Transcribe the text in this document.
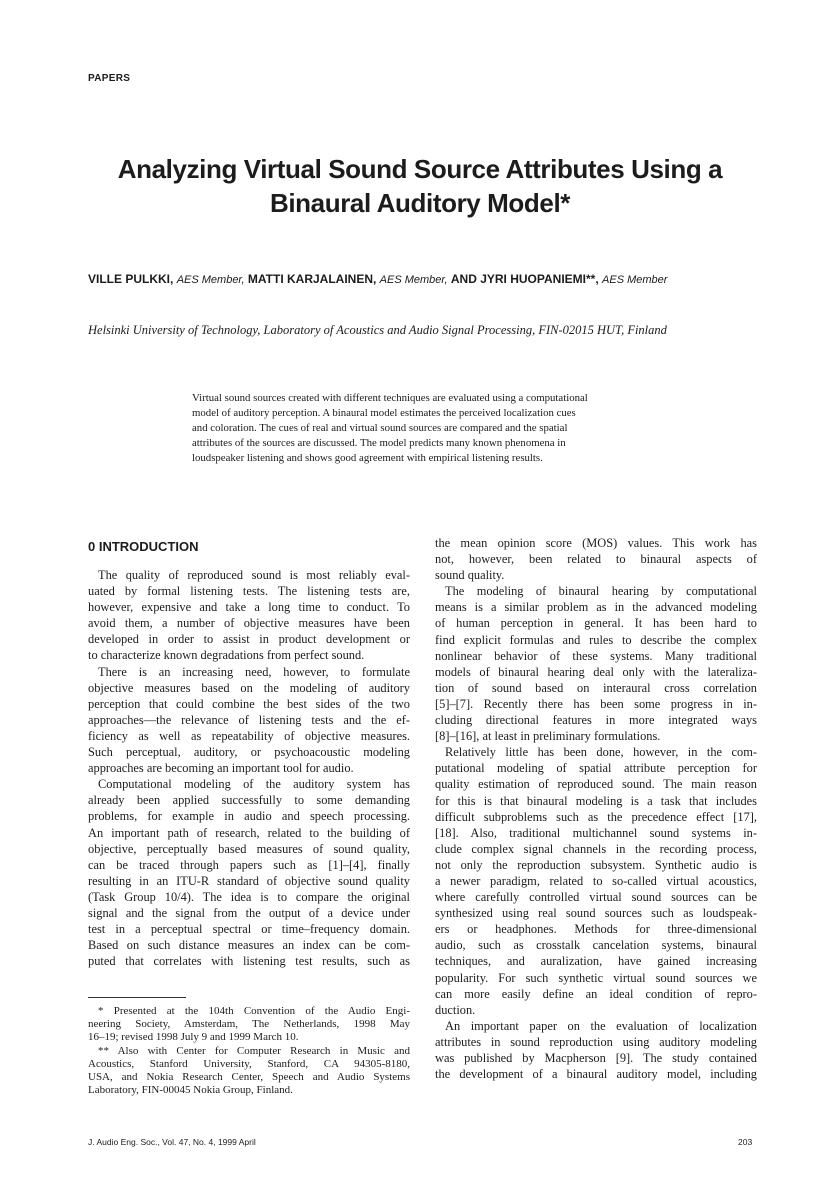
PAPERS
Analyzing Virtual Sound Source Attributes Using a
Binaural Auditory Model*
VILLE PULKKI, AES Member, MATTI KARJALAINEN, AES Member, AND JYRI HUOPANIEMI**, AES Member
Helsinki University of Technology, Laboratory of Acoustics and Audio Signal Processing, FIN-02015 HUT, Finland
Virtual sound sources created with different techniques are evaluated using a computational
model of auditory perception. A binaural model estimates the perceived localization cues
and coloration. The cues of real and virtual sound sources are compared and the spatial
attributes of the sources are discussed. The model predicts many known phenomena in
loudspeaker listening and shows good agreement with empirical listening results.
0 INTRODUCTION
The quality of reproduced sound is most reliably eval-
uated by formal listening tests. The listening tests are,
however, expensive and take a long time to conduct. To
avoid them, a number of objective measures have been
developed in order to assist in product development or
to characterize known degradations from perfect sound.
There is an increasing need, however, to formulate
objective measures based on the modeling of auditory
perception that could combine the best sides of the two
approaches—the relevance of listening tests and the ef-
ficiency as well as repeatability of objective measures.
Such perceptual, auditory, or psychoacoustic modeling
approaches are becoming an important tool for audio.
Computational modeling of the auditory system has
already been applied successfully to some demanding
problems, for example in audio and speech processing.
An important path of research, related to the building of
objective, perceptually based measures of sound quality,
can be traced through papers such as [1]–[4], finally
resulting in an ITU-R standard of objective sound quality
(Task Group 10/4). The idea is to compare the original
signal and the signal from the output of a device under
test in a perceptual spectral or time–frequency domain.
Based on such distance measures an index can be com-
puted that correlates with listening test results, such as
* Presented at the 104th Convention of the Audio Engi-
neering Society, Amsterdam, The Netherlands, 1998 May
16–19; revised 1998 July 9 and 1999 March 10.
** Also with Center for Computer Research in Music and
Acoustics, Stanford University, Stanford, CA 94305-8180,
USA, and Nokia Research Center, Speech and Audio Systems
Laboratory, FIN-00045 Nokia Group, Finland.
the mean opinion score (MOS) values. This work has
not, however, been related to binaural aspects of
sound quality.
The modeling of binaural hearing by computational
means is a similar problem as in the advanced modeling
of human perception in general. It has been hard to
find explicit formulas and rules to describe the complex
nonlinear behavior of these systems. Many traditional
models of binaural hearing deal only with the lateraliza-
tion of sound based on interaural cross correlation
[5]–[7]. Recently there has been some progress in in-
cluding directional features in more integrated ways
[8]–[16], at least in preliminary formulations.
Relatively little has been done, however, in the com-
putational modeling of spatial attribute perception for
quality estimation of reproduced sound. The main reason
for this is that binaural modeling is a task that includes
difficult subproblems such as the precedence effect [17],
[18]. Also, traditional multichannel sound systems in-
clude complex signal channels in the recording process,
not only the reproduction subsystem. Synthetic audio is
a newer paradigm, related to so-called virtual acoustics,
where carefully controlled virtual sound sources can be
synthesized using real sound sources such as loudspeak-
ers or headphones. Methods for three-dimensional
audio, such as crosstalk cancelation systems, binaural
techniques, and auralization, have gained increasing
popularity. For such synthetic virtual sound sources we
can more easily define an ideal condition of repro-
duction.
An important paper on the evaluation of localization
attributes in sound reproduction using auditory modeling
was published by Macpherson [9]. The study contained
the development of a binaural auditory model, including
J. Audio Eng. Soc., Vol. 47, No. 4, 1999 April	203
